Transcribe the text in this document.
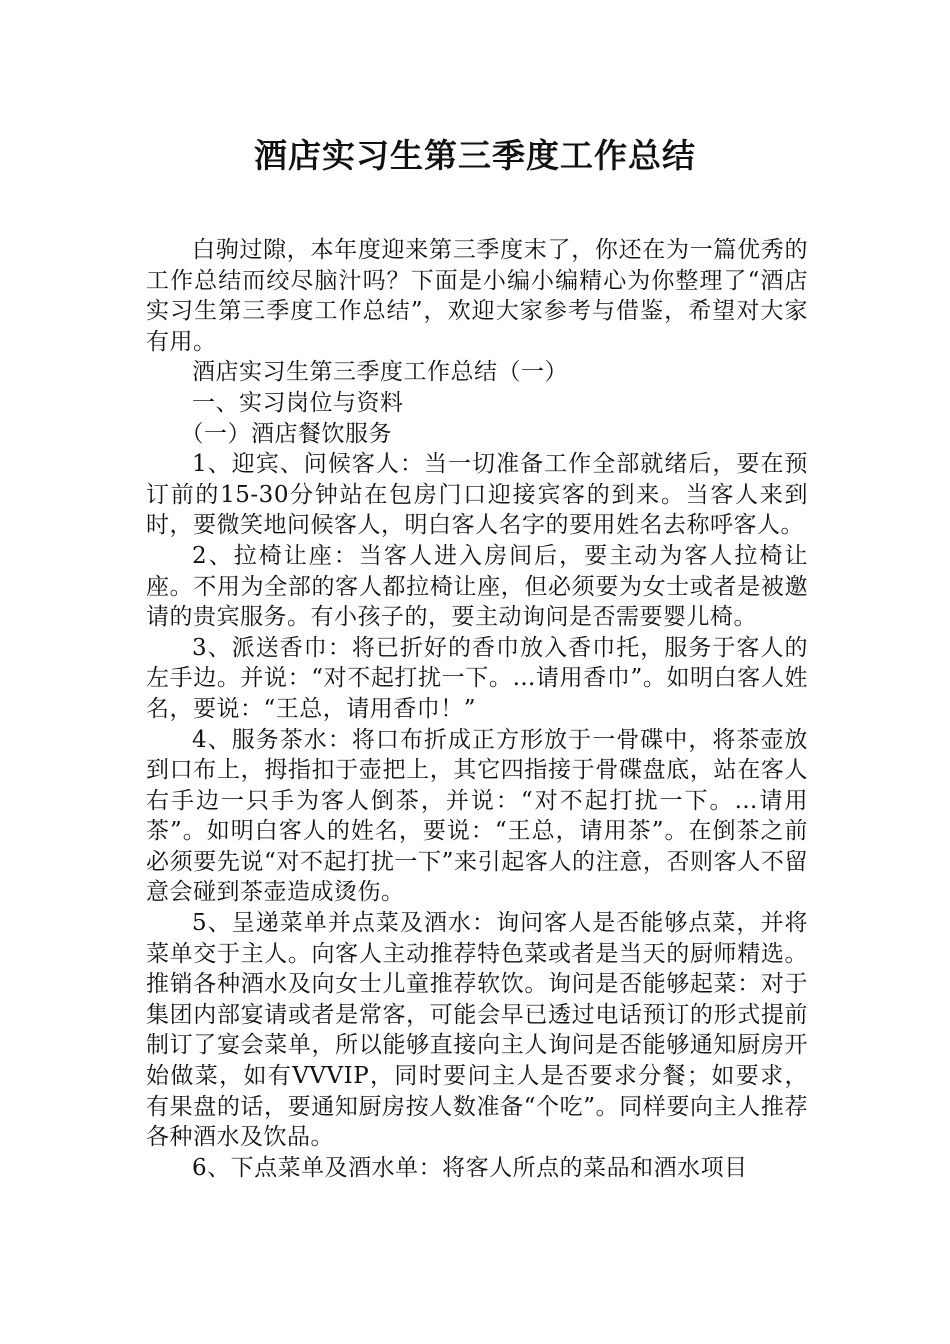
酒店实习生第三季度工作总结

白驹过隙，本年度迎来第三季度末了，你还在为一篇优秀的工作总结而绞尽脑汁吗？下面是小编小编精心为你整理了“酒店实习生第三季度工作总结”，欢迎大家参考与借鉴，希望对大家有用。

酒店实习生第三季度工作总结（一）

一、实习岗位与资料

（一）酒店餐饮服务

1、迎宾、问候客人：当一切准备工作全部就绪后，要在预订前的15-30分钟站在包房门口迎接宾客的到来。当客人来到时，要微笑地问候客人，明白客人名字的要用姓名去称呼客人。

2、拉椅让座：当客人进入房间后，要主动为客人拉椅让座。不用为全部的客人都拉椅让座，但必须要为女士或者是被邀请的贵宾服务。有小孩子的，要主动询问是否需要婴儿椅。

3、派送香巾：将已折好的香巾放入香巾托，服务于客人的左手边。并说：“对不起打扰一下。…请用香巾”。如明白客人姓名，要说：“王总，请用香巾！”

4、服务茶水：将口布折成正方形放于一骨碟中，将茶壶放到口布上，拇指扣于壶把上，其它四指接于骨碟盘底，站在客人右手边一只手为客人倒茶，并说：“对不起打扰一下。…请用茶”。如明白客人的姓名，要说：“王总，请用茶”。在倒茶之前必须要先说“对不起打扰一下”来引起客人的注意，否则客人不留意会碰到茶壶造成烫伤。

5、呈递菜单并点菜及酒水：询问客人是否能够点菜，并将菜单交于主人。向客人主动推荐特色菜或者是当天的厨师精选。推销各种酒水及向女士儿童推荐软饮。询问是否能够起菜：对于集团内部宴请或者是常客，可能会早已透过电话预订的形式提前制订了宴会菜单，所以能够直接向主人询问是否能够通知厨房开始做菜，如有VVVIP，同时要问主人是否要求分餐；如要求，有果盘的话，要通知厨房按人数准备“个吃”。同样要向主人推荐各种酒水及饮品。

6、下点菜单及酒水单：将客人所点的菜品和酒水项目
